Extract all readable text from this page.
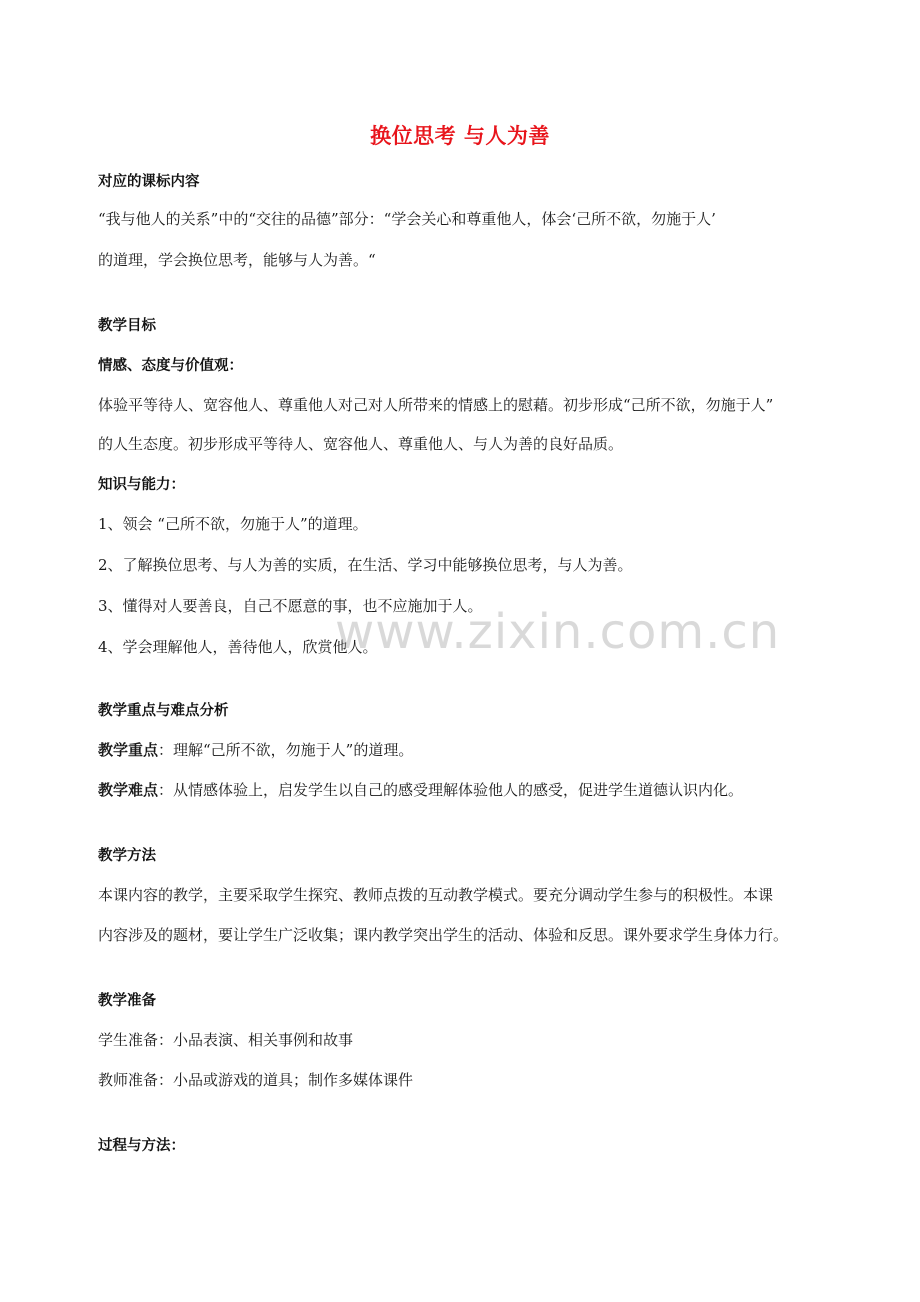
换位思考 与人为善
对应的课标内容
“我与他人的关系”中的“交往的品德”部分：“学会关心和尊重他人，体会‘己所不欲，勿施于人’
的道理，学会换位思考，能够与人为善。“
教学目标
情感、态度与价值观：
体验平等待人、宽容他人、尊重他人对己对人所带来的情感上的慰藉。初步形成“己所不欲，勿施于人”
的人生态度。初步形成平等待人、宽容他人、尊重他人、与人为善的良好品质。
知识与能力：
1、领会 “己所不欲，勿施于人”的道理。
2、了解换位思考、与人为善的实质，在生活、学习中能够换位思考，与人为善。
3、懂得对人要善良，自己不愿意的事，也不应施加于人。
4、学会理解他人，善待他人，欣赏他人。
教学重点与难点分析
教学重点：理解“己所不欲，勿施于人”的道理。
教学难点：从情感体验上，启发学生以自己的感受理解体验他人的感受，促进学生道德认识内化。
教学方法
本课内容的教学，主要采取学生探究、教师点拨的互动教学模式。要充分调动学生参与的积极性。本课
内容涉及的题材，要让学生广泛收集；课内教学突出学生的活动、体验和反思。课外要求学生身体力行。
教学准备
学生准备：小品表演、相关事例和故事
教师准备：小品或游戏的道具；制作多媒体课件
过程与方法：
www.zixin.com.cn
